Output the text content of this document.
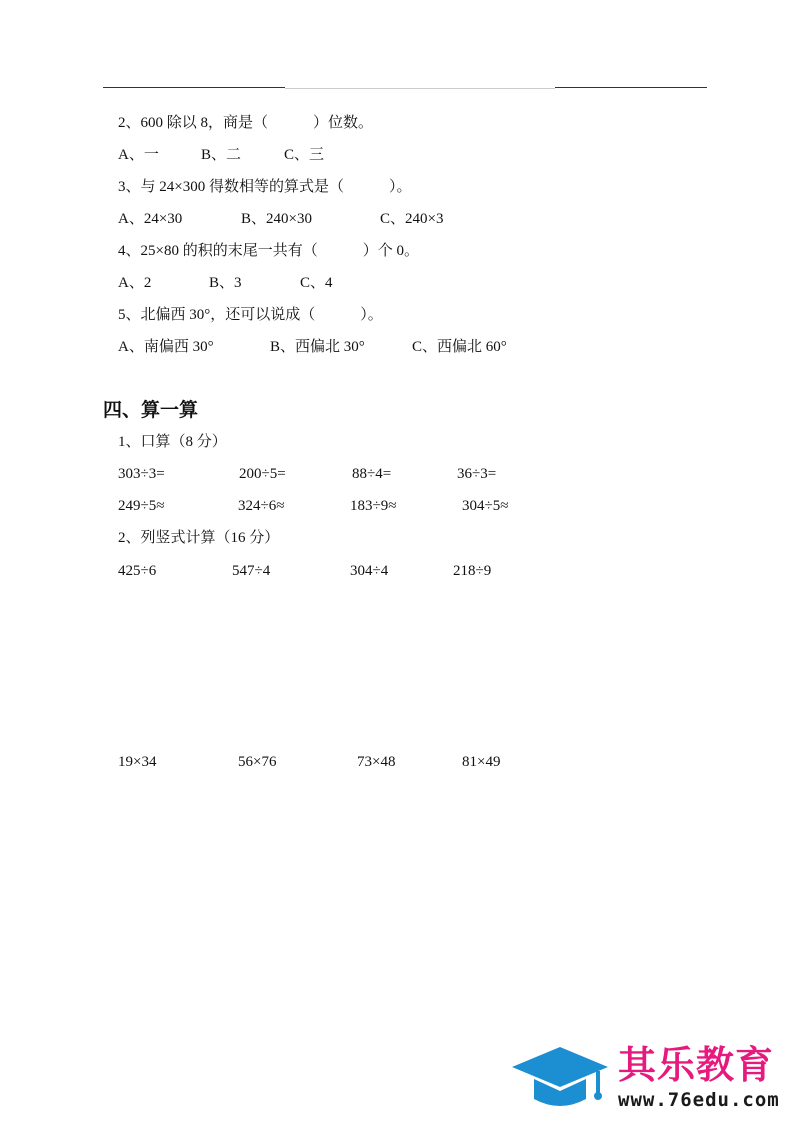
2、600 除以 8，商是（　　　）位数。
A、一	B、二	C、三
3、与 24×300 得数相等的算式是（　　　）。
A、24×30	B、240×30	C、240×3
4、25×80 的积的末尾一共有（　　　）个 0。
A、2	B、3	C、4
5、北偏西 30°，还可以说成（　　　）。
A、南偏西 30°	B、西偏北 30°	C、西偏北 60°
四、算一算
1、口算（8 分）
303÷3=	200÷5=	88÷4=	36÷3=
249÷5≈	324÷6≈	183÷9≈	304÷5≈
2、列竖式计算（16 分）
425÷6	547÷4	304÷4	218÷9
19×34	56×76	73×48	81×49
其乐教育
www.76edu.com
